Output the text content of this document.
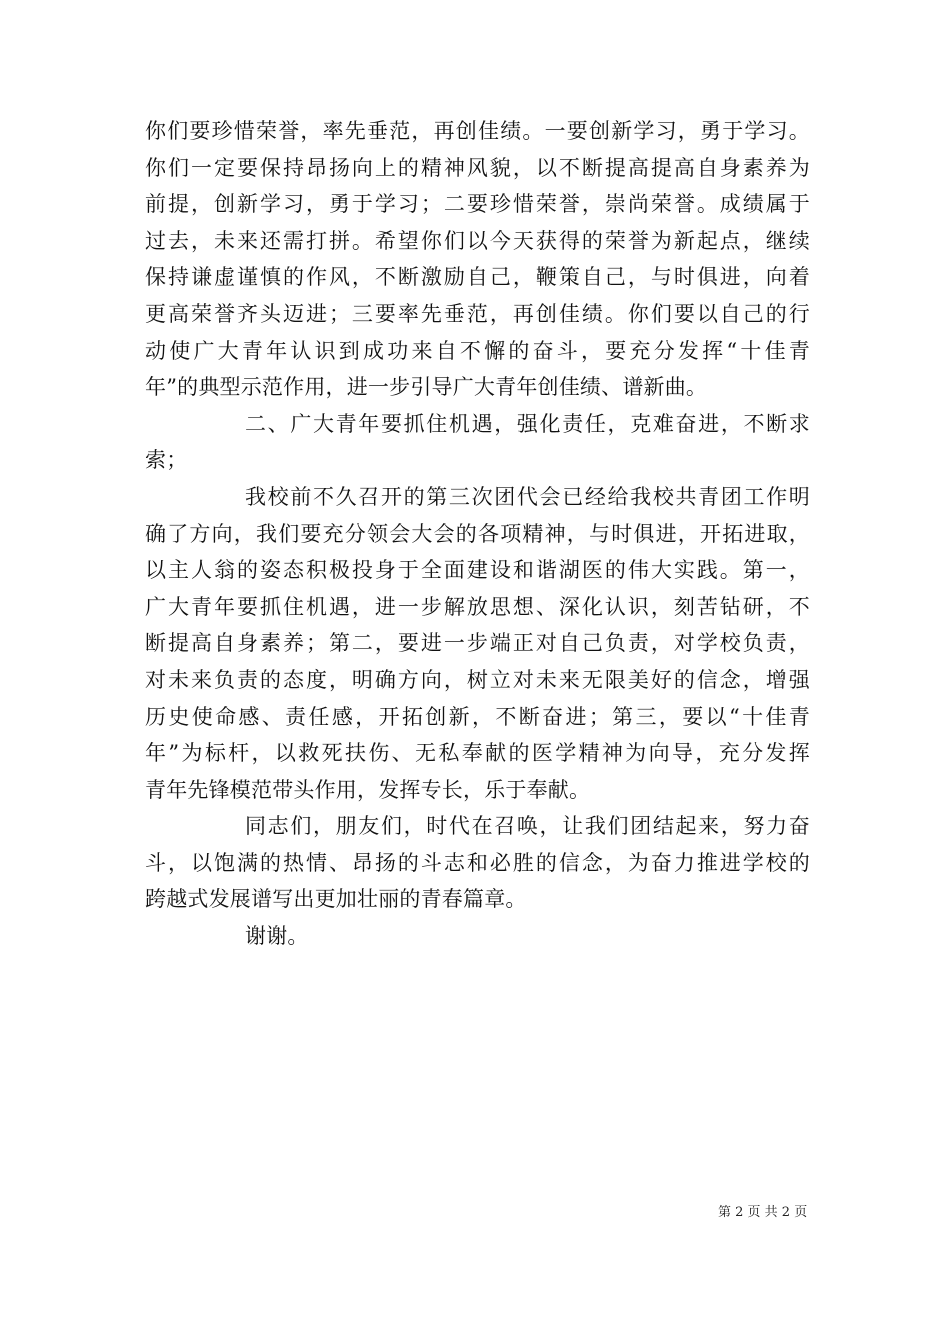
你们要珍惜荣誉，率先垂范，再创佳绩。一要创新学习，勇于学习。
你们一定要保持昂扬向上的精神风貌，以不断提高提高自身素养为
前提，创新学习，勇于学习；二要珍惜荣誉，崇尚荣誉。成绩属于
过去，未来还需打拼。希望你们以今天获得的荣誉为新起点，继续
保持谦虚谨慎的作风，不断激励自己，鞭策自己，与时俱进，向着
更高荣誉齐头迈进；三要率先垂范，再创佳绩。你们要以自己的行
动使广大青年认识到成功来自不懈的奋斗，要充分发挥“十佳青
年”的典型示范作用，进一步引导广大青年创佳绩、谱新曲。
二、广大青年要抓住机遇，强化责任，克难奋进，不断求
索；
我校前不久召开的第三次团代会已经给我校共青团工作明
确了方向，我们要充分领会大会的各项精神，与时俱进，开拓进取，
以主人翁的姿态积极投身于全面建设和谐湖医的伟大实践。第一，
广大青年要抓住机遇，进一步解放思想、深化认识，刻苦钻研，不
断提高自身素养；第二，要进一步端正对自己负责，对学校负责，
对未来负责的态度，明确方向，树立对未来无限美好的信念，增强
历史使命感、责任感，开拓创新，不断奋进；第三，要以“十佳青
年”为标杆，以救死扶伤、无私奉献的医学精神为向导，充分发挥
青年先锋模范带头作用，发挥专长，乐于奉献。
同志们，朋友们，时代在召唤，让我们团结起来，努力奋
斗，以饱满的热情、昂扬的斗志和必胜的信念，为奋力推进学校的
跨越式发展谱写出更加壮丽的青春篇章。
谢谢。
第 2 页 共 2 页
